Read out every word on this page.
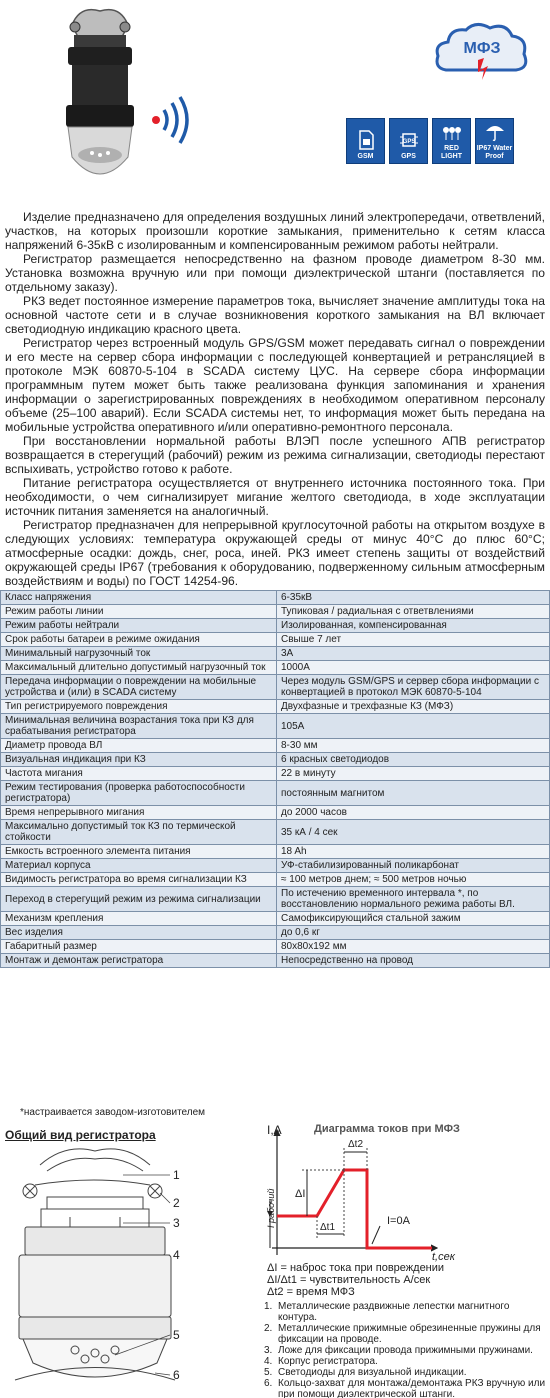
МФЗ
GSM
GPS
GPS
RED LIGHT
IP67 Water Proof

Изделие предназначено для определения воздушных линий электропередачи, ответвлений, участков, на которых произошли короткие замыкания, применительно к сетям класса напряжений 6-35кВ с изолированным и компенсированным режимом работы нейтрали.

Регистратор размещается непосредственно на фазном проводе диаметром 8-30 мм. Установка возможна вручную или при помощи диэлектрической штанги (поставляется по отдельному заказу).

РКЗ ведет постоянное измерение параметров тока, вычисляет значение амплитуды тока на основной частоте сети и в случае возникновения короткого замыкания на ВЛ включает светодиодную индикацию красного цвета.

Регистратор через встроенный модуль GPS/GSM может передавать сигнал о повреждении и его месте на сервер сбора информации с последующей конвертацией и ретрансляцией в протоколе МЭК 60870-5-104 в SCADA систему ЦУС. На сервере сбора информации программным путем может быть также реализована функция запоминания и хранения информации о зарегистрированных повреждениях в необходимом оперативном персоналу объеме (25–100 аварий). Если SCADA системы нет, то информация может быть передана на мобильные устройства оперативного и/или оперативно-ремонтного персонала.

При восстановлении нормальной работы ВЛЭП после успешного АПВ регистратор возвращается в стерегущий (рабочий) режим из режима сигнализации, светодиоды перестают вспыхивать, устройство готово к работе.

Питание регистратора осуществляется от внутреннего источника постоянного тока. При необходимости, о чем сигнализирует мигание желтого светодиода, в ходе эксплуатации источник питания заменяется на аналогичный.

Регистратор предназначен для непрерывной круглосуточной работы на открытом воздухе в следующих условиях: температура окружающей среды от минус 40°С до плюс 60°С; атмосферные осадки: дождь, снег, роса, иней. РКЗ имеет степень защиты от воздействий окружающей среды IP67 (требования к оборудованию, подверженному сильным атмосферным воздействиям и воды) по ГОСТ 14254-96.

Класс напряжения	6-35кВ
Режим работы линии	Тупиковая / радиальная с ответвлениями
Режим работы нейтрали	Изолированная, компенсированная
Срок работы батареи в режиме ожидания	Свыше 7 лет
Минимальный нагрузочный ток	3А
Максимальный длительно допустимый нагрузочный ток	1000А
Передача информации о повреждении на мобильные устройства и (или) в SCADA систему	Через модуль GSM/GPS и сервер сбора информации с конвертацией в протокол МЭК 60870-5-104
Тип регистрируемого повреждения	Двухфазные и трехфазные КЗ (МФЗ)
Минимальная величина возрастания тока при КЗ для срабатывания регистратора	105А
Диаметр провода ВЛ	8-30 мм
Визуальная индикация при КЗ	6 красных светодиодов
Частота мигания	22 в минуту
Режим тестирования (проверка работоспособности регистратора)	постоянным магнитом
Время непрерывного мигания	до 2000 часов
Максимально допустимый ток КЗ по термической стойкости	35 кА / 4 сек
Емкость встроенного элемента питания	18 Ah
Материал корпуса	УФ-стабилизированный поликарбонат
Видимость регистратора во время сигнализации КЗ	≈ 100 метров днем; ≈ 500 метров ночью
Переход в стерегущий режим из режима сигнализации	По истечению временного интервала *, по восстановлению нормального режима работы ВЛ.
Механизм крепления	Самофиксирующийся стальной зажим
Вес изделия	до 0,6 кг
Габаритный размер	80х80х192 мм
Монтаж и демонтаж регистратора	Непосредственно на провод
*настраивается заводом-изготовителем
Общий вид регистратора
1
2
3
4
5
6
Диаграмма токов при МФЗ
I,A
t,сек
I рабочий ΔI
Δt1
Δt2
I=0A
ΔI = наброс тока при повреждении
ΔI/Δt1 = чувствительность А/сек
Δt2 = время МФЗ
1. Металлические раздвижные лепестки магнитного контура.
2. Металлические прижимные обрезиненные пружины для фиксации на проводе.
3. Ложе для фиксации провода прижимными пружинами.
4. Корпус регистратора.
5. Светодиоды для визуальной индикации.
6. Кольцо-захват для монтажа/демонтажа РКЗ вручную или при помощи диэлектрической штанги.
